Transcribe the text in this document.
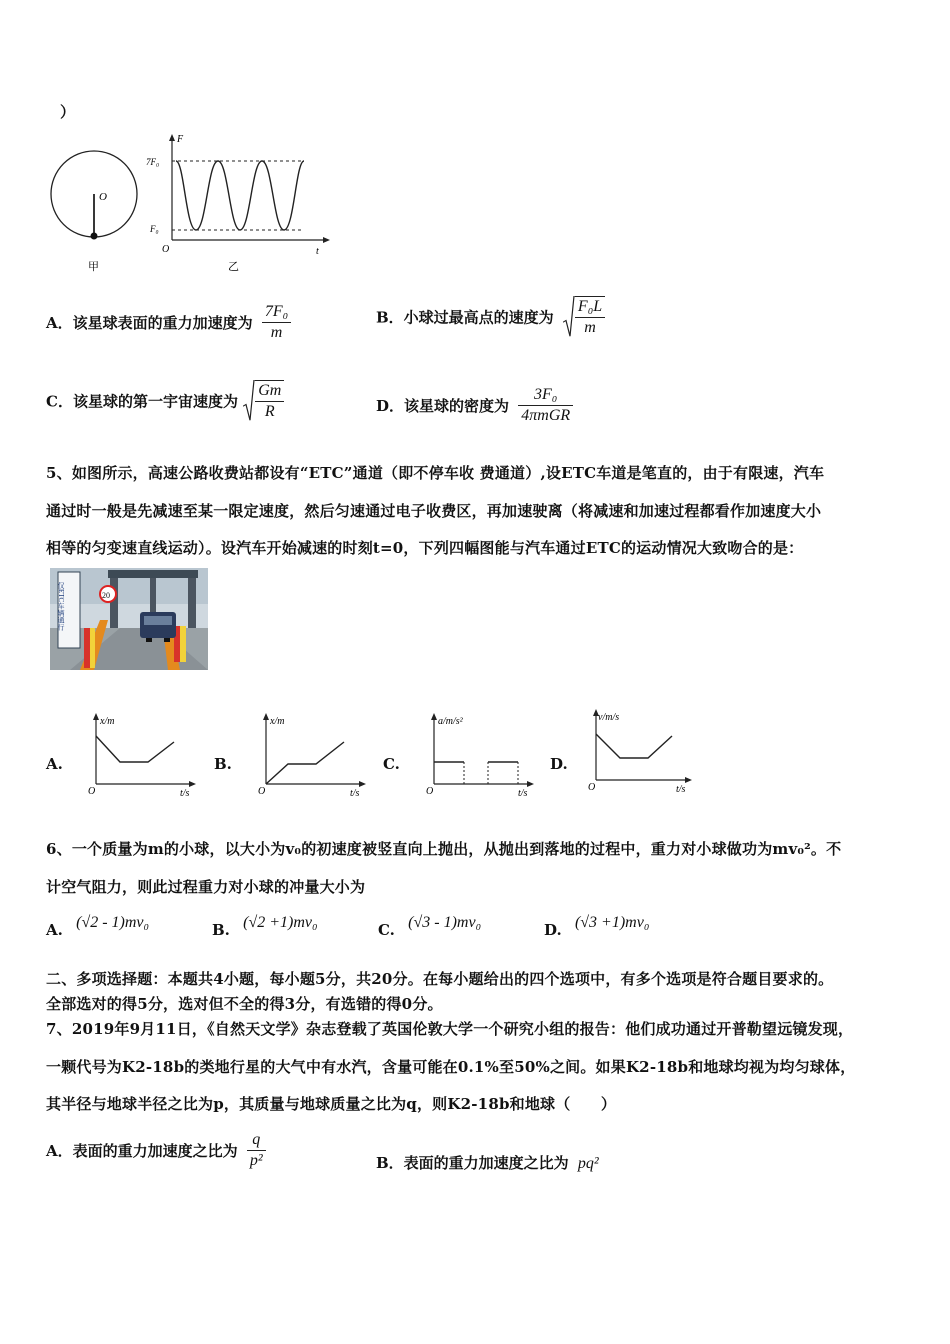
）
O
甲
F
t
O
7F₀
F₀
乙
A．该星球表面的重力加速度为 $\frac{\text{7F₀}}{m}$	B．小球过最高点的速度为 $\frac{\text{F₀L}}{m}$
C．该星球的第一宇宙速度为 $\frac{Gm}{R}$	D．该星球的密度为 $\frac{\text{3F₀}}{\text{4πmGR}}$
5、如图所示，高速公路收费站都设有“ETC”通道（即不停车收 费通道）,设ETC车道是笔直的，由于有限速，汽车
通过时一般是先减速至某一限定速度，然后匀速通过电子收费区，再加速驶离（将减速和加速过程都看作加速度大小
相等的匀变速直线运动）。设汽车开始减速的时刻t=0，下列四幅图能与汽车通过ETC的运动情况大致吻合的是：
仅ETC车辆通行	20
A.
x/m
t/s
O
B.
x/m
t/s
O
C.
a/m/s²
t/s
O
D.
v/m/s
t/s
O
6、一个质量为m的小球，以大小为v₀的初速度被竖直向上抛出，从抛出到落地的过程中，重力对小球做功为mv₀²。不
计空气阻力，则此过程重力对小球的冲量大小为
A. (√2 - 1)mv₀	B. (√2 +1)mv₀	C. (√3 - 1)mv₀	D. (√3 +1)mv₀
二、多项选择题：本题共4小题，每小题5分，共20分。在每小题给出的四个选项中，有多个选项是符合题目要求的。
全部选对的得5分，选对但不全的得3分，有选错的得0分。
7、2019年9月11日，《自然天文学》杂志登载了英国伦敦大学一个研究小组的报告：他们成功通过开普勒望远镜发现，
一颗代号为K2-18b的类地行星的大气中有水汽，含量可能在0.1%至50%之间。如果K2-18b和地球均视为均匀球体，
其半径与地球半径之比为p，其质量与地球质量之比为q，则K2-18b和地球（　　）
A．表面的重力加速度之比为 $\frac{q}{\text{p²}}$	B．表面的重力加速度之比为 pq²
